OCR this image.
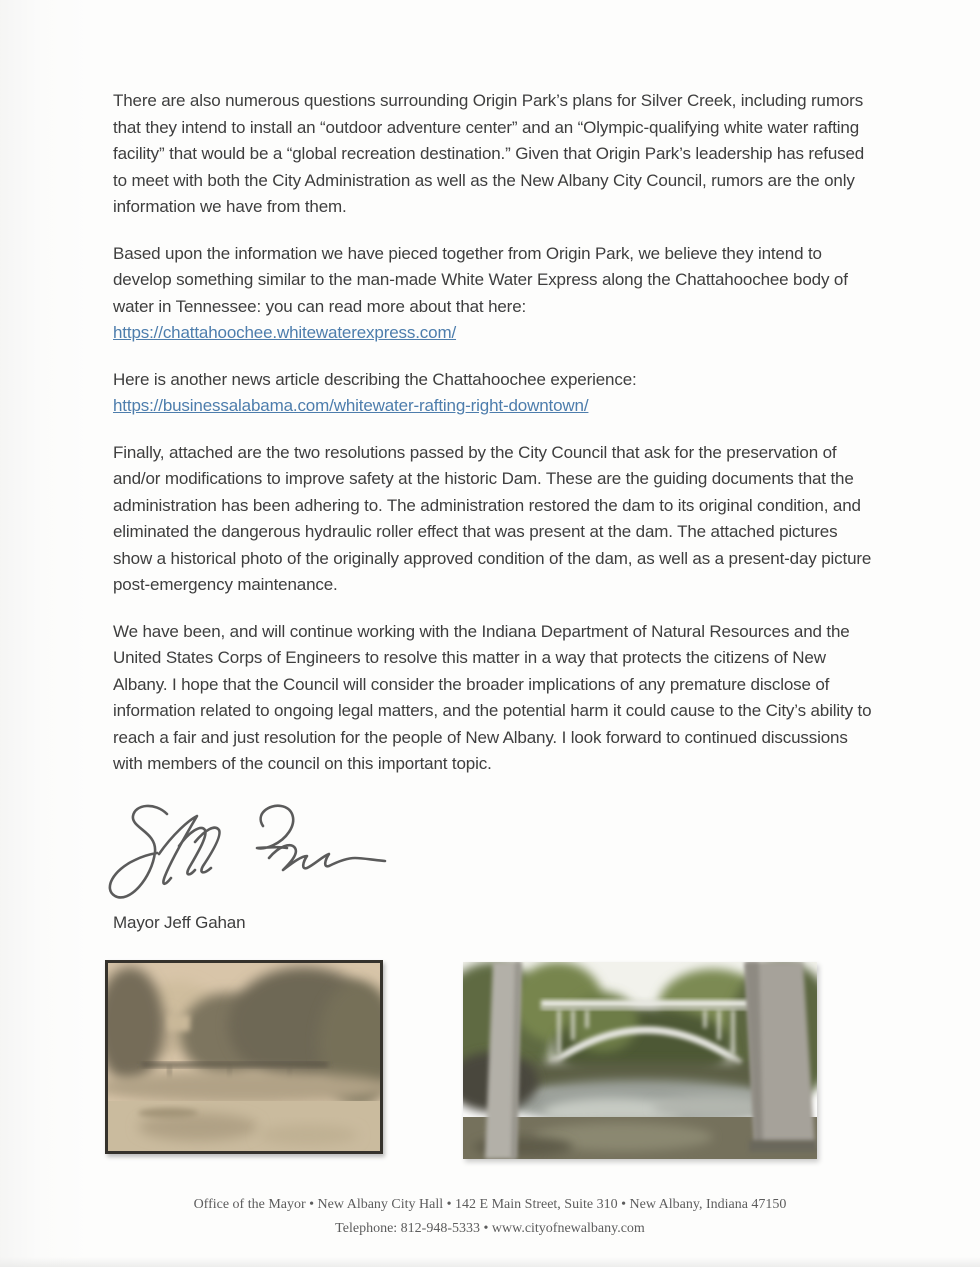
There are also numerous questions surrounding Origin Park’s plans for Silver Creek, including rumors that they intend to install an “outdoor adventure center” and an “Olympic-qualifying white water rafting facility” that would be a “global recreation destination.” Given that Origin Park’s leadership has refused to meet with both the City Administration as well as the New Albany City Council, rumors are the only information we have from them.

Based upon the information we have pieced together from Origin Park, we believe they intend to develop something similar to the man-made White Water Express along the Chattahoochee body of water in Tennessee: you can read more about that here:
https://chattahoochee.whitewaterexpress.com/

Here is another news article describing the Chattahoochee experience:
https://businessalabama.com/whitewater-rafting-right-downtown/

Finally, attached are the two resolutions passed by the City Council that ask for the preservation of and/or modifications to improve safety at the historic Dam. These are the guiding documents that the administration has been adhering to. The administration restored the dam to its original condition, and eliminated the dangerous hydraulic roller effect that was present at the dam. The attached pictures show a historical photo of the originally approved condition of the dam, as well as a present-day picture post-emergency maintenance.

We have been, and will continue working with the Indiana Department of Natural Resources and the United States Corps of Engineers to resolve this matter in a way that protects the citizens of New Albany. I hope that the Council will consider the broader implications of any premature disclose of information related to ongoing legal matters, and the potential harm it could cause to the City’s ability to reach a fair and just resolution for the people of New Albany. I look forward to continued discussions with members of the council on this important topic.

Mayor Jeff Gahan
Office of the Mayor • New Albany City Hall • 142 E Main Street, Suite 310 • New Albany, Indiana 47150
Telephone: 812-948-5333 • www.cityofnewalbany.com
